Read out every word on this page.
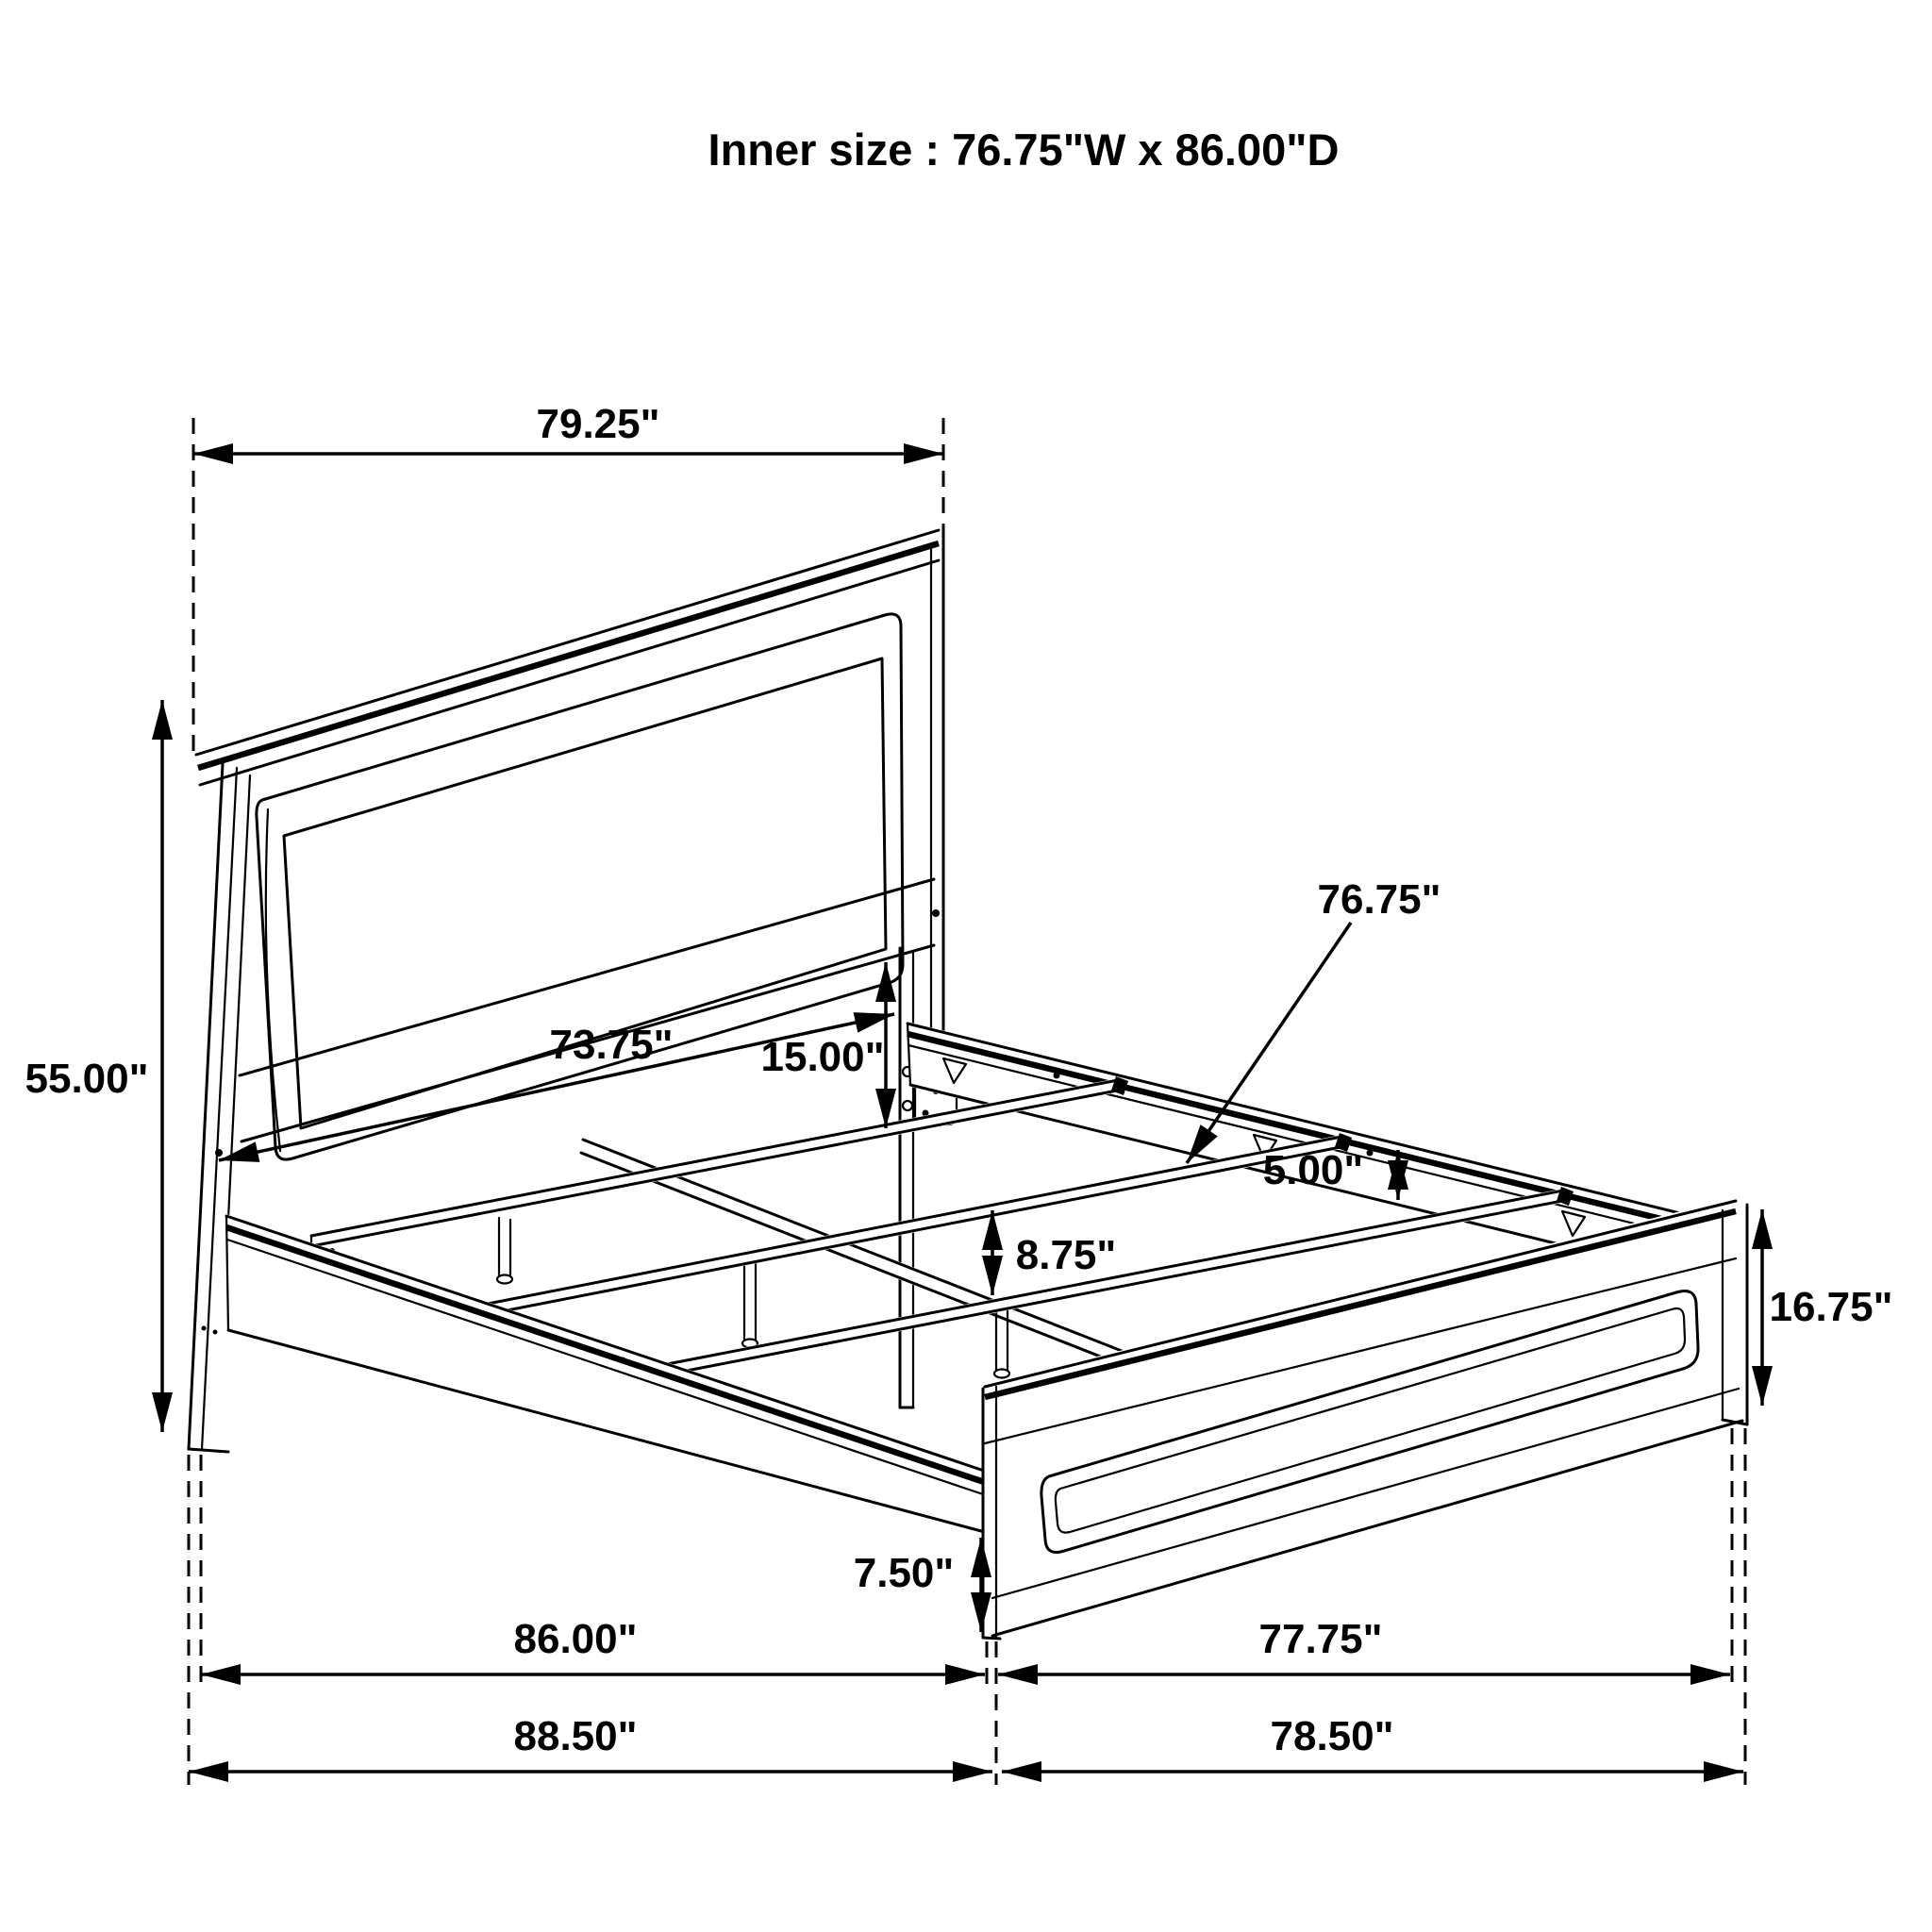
79.25"
55.00"
73.75" 15.00"
76.75"
5.00"
8.75"
16.75"
7.50"
86.00"	77.75"
88.50"	78.50"
Inner size : 76.75"W x 86.00"D
